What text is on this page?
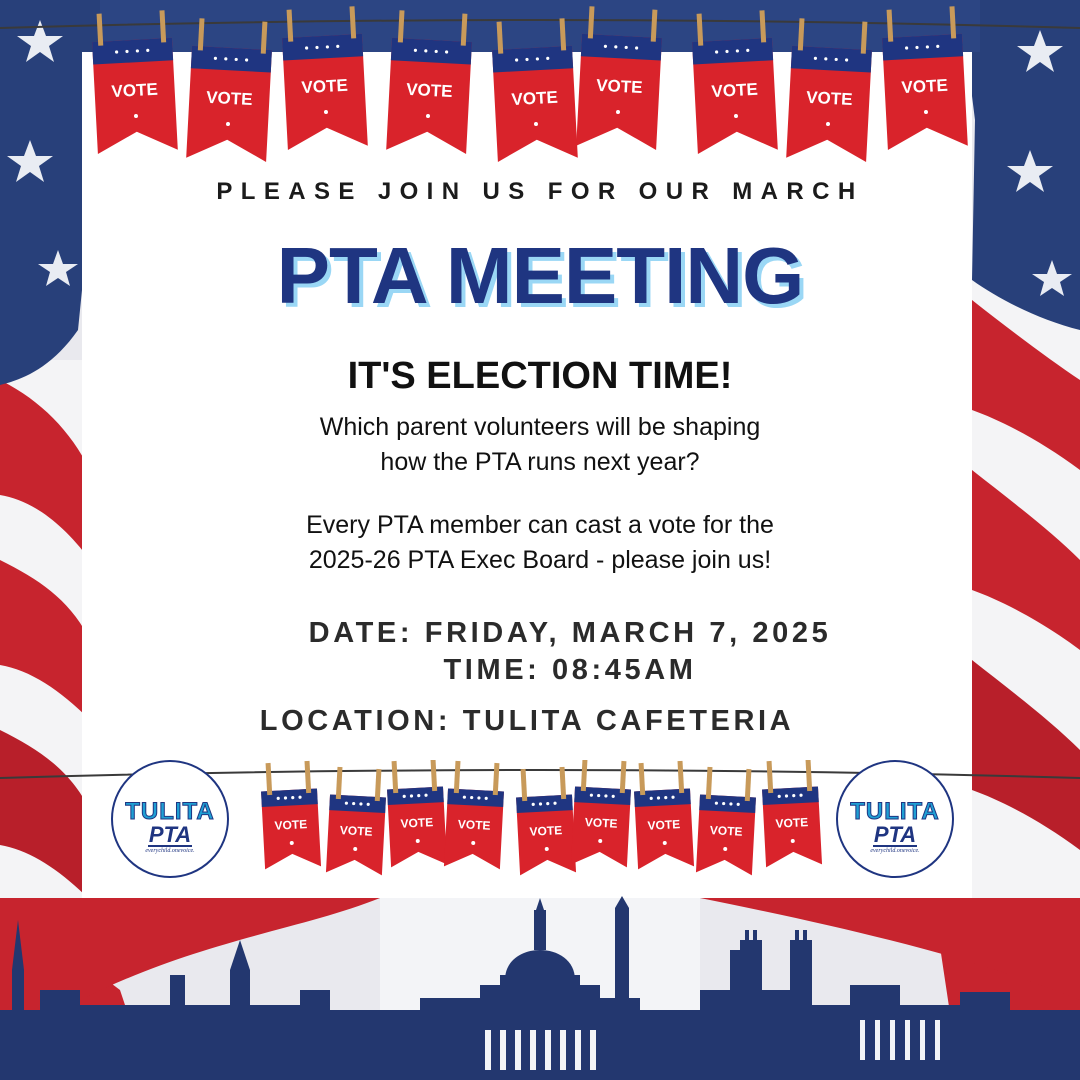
VOTE	VOTE
VOTE	VOTE	VOTE
VOTE	VOTE	VOTE
VOTE
VOTE	VOTE
VOTE VOTE	VOTE
VOTE VOTE VOTE
VOTE

PLEASE JOIN US FOR OUR MARCH

PTA MEETING
IT'S ELECTION TIME!
Which parent volunteers will be shaping
how the PTA runs next year?
Every PTA member can cast a vote for the
2025-26 PTA Exec Board - please join us!

DATE: FRIDAY, MARCH 7, 2025

TIME: 08:45AM

LOCATION: TULITA CAFETERIA

TULITA
PTA
everychild.onevoice.
TULITA
PTA
everychild.onevoice.
